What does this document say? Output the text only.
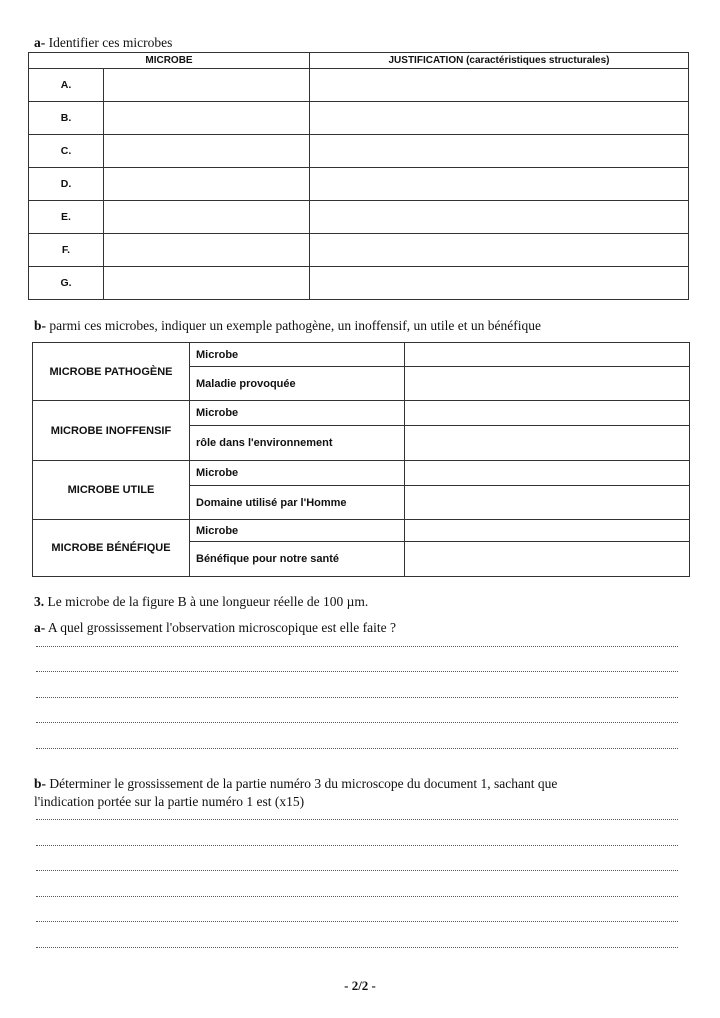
a- Identifier ces microbes
MICROBE		JUSTIFICATION (caractéristiques structurales)
A.		
B.		
C.		
D.		
E.		
F.		
G.		
b- parmi ces microbes, indiquer un exemple pathogène, un inoffensif, un utile et un bénéfique
MICROBE PATHOGÈNE	Microbe	
	Maladie provoquée	
MICROBE INOFFENSIF	Microbe	
	rôle dans l'environnement	
MICROBE UTILE	Microbe	
	Domaine utilisé par l'Homme	
MICROBE BÉNÉFIQUE	Microbe	
	Bénéfique pour notre santé	
3. Le microbe de la figure B à une longueur réelle de 100 µm.
a- A quel grossissement l'observation microscopique est elle faite ?
b- Déterminer le grossissement de la partie numéro 3 du microscope du document 1, sachant que
l'indication portée sur la partie numéro 1 est (x15)
- 2/2 -
